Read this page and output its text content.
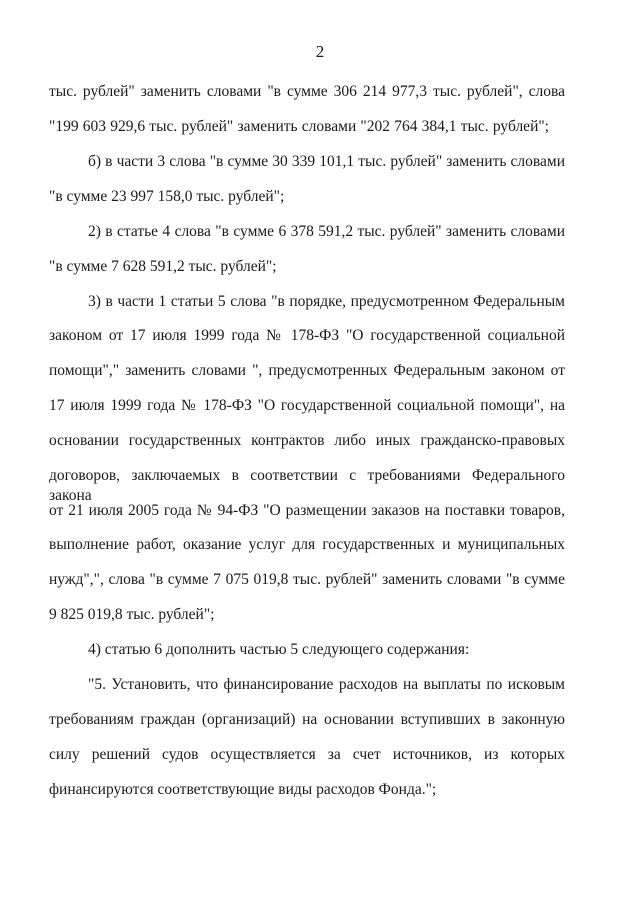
2
тыс. рублей" заменить словами "в сумме 306 214 977,3 тыс. рублей", слова
"199 603 929,6 тыс. рублей" заменить словами "202 764 384,1 тыс. рублей";
б) в части 3 слова "в сумме 30 339 101,1 тыс. рублей" заменить словами
"в сумме 23 997 158,0 тыс. рублей";
2) в статье 4 слова "в сумме 6 378 591,2 тыс. рублей" заменить словами
"в сумме 7 628 591,2 тыс. рублей";
3) в части 1 статьи 5 слова "в порядке, предусмотренном Федеральным
законом от 17 июля 1999 года № 178-ФЗ "О государственной социальной
помощи"," заменить словами ", предусмотренных Федеральным законом от
17 июля 1999 года № 178-ФЗ "О государственной социальной помощи", на
основании государственных контрактов либо иных гражданско-правовых
договоров, заключаемых в соответствии с требованиями Федерального закона
от 21 июля 2005 года № 94-ФЗ "О размещении заказов на поставки товаров,
выполнение работ, оказание услуг для государственных и муниципальных
нужд",", слова "в сумме 7 075 019,8 тыс. рублей" заменить словами "в сумме
9 825 019,8 тыс. рублей";
4) статью 6 дополнить частью 5 следующего содержания:
"5. Установить, что финансирование расходов на выплаты по исковым
требованиям граждан (организаций) на основании вступивших в законную
силу решений судов осуществляется за счет источников, из которых
финансируются соответствующие виды расходов Фонда.";
